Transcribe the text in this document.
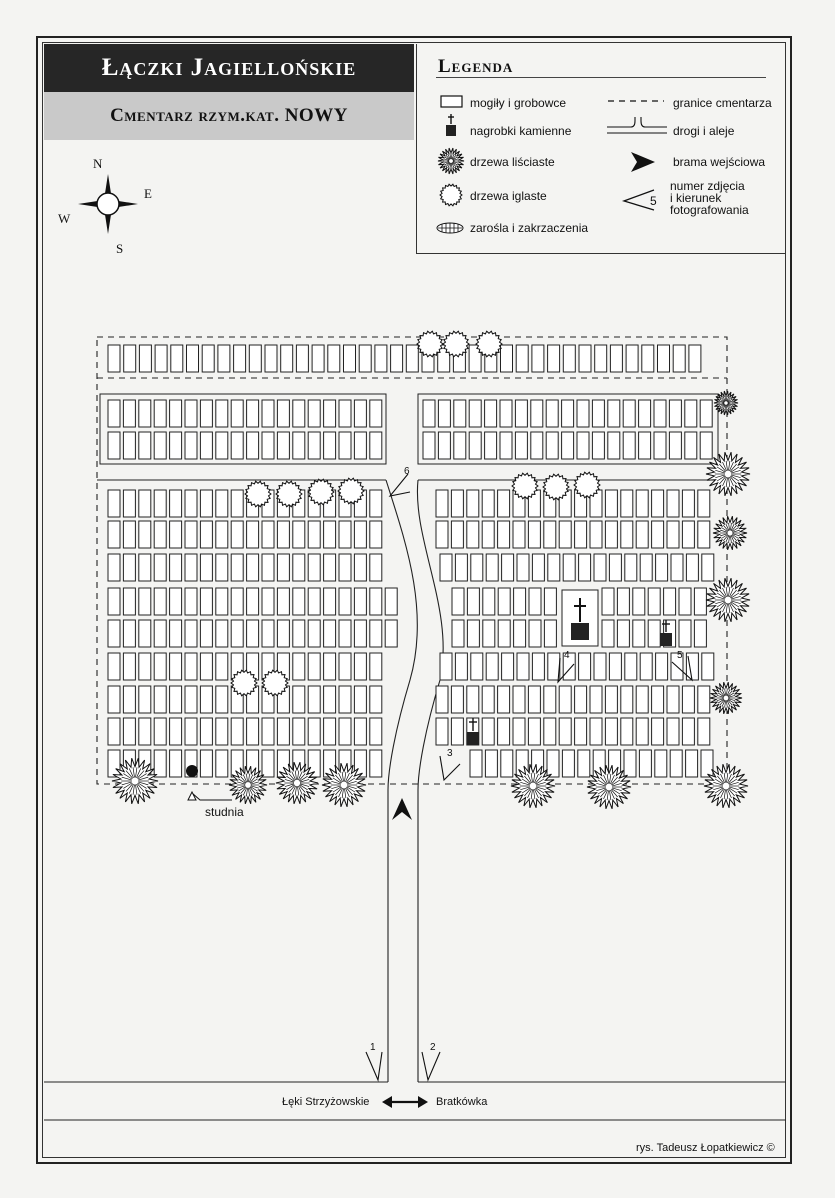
Łączki Jagiellońskie
Cmentarz rzym.kat. NOWY
Legenda
mogiły i grobowce
nagrobki kamienne
drzewa liściaste
drzewa iglaste
zarośla i zakrzaczenia
granice cmentarza
drogi i aleje
brama wejściowa
5
numer zdjęcia
i kierunek
fotografowania
N
E
S
W
studnia
1	2
3
4	5
6
Łęki Strzyżowskie	Bratkówka
rys. Tadeusz Łopatkiewicz ©
